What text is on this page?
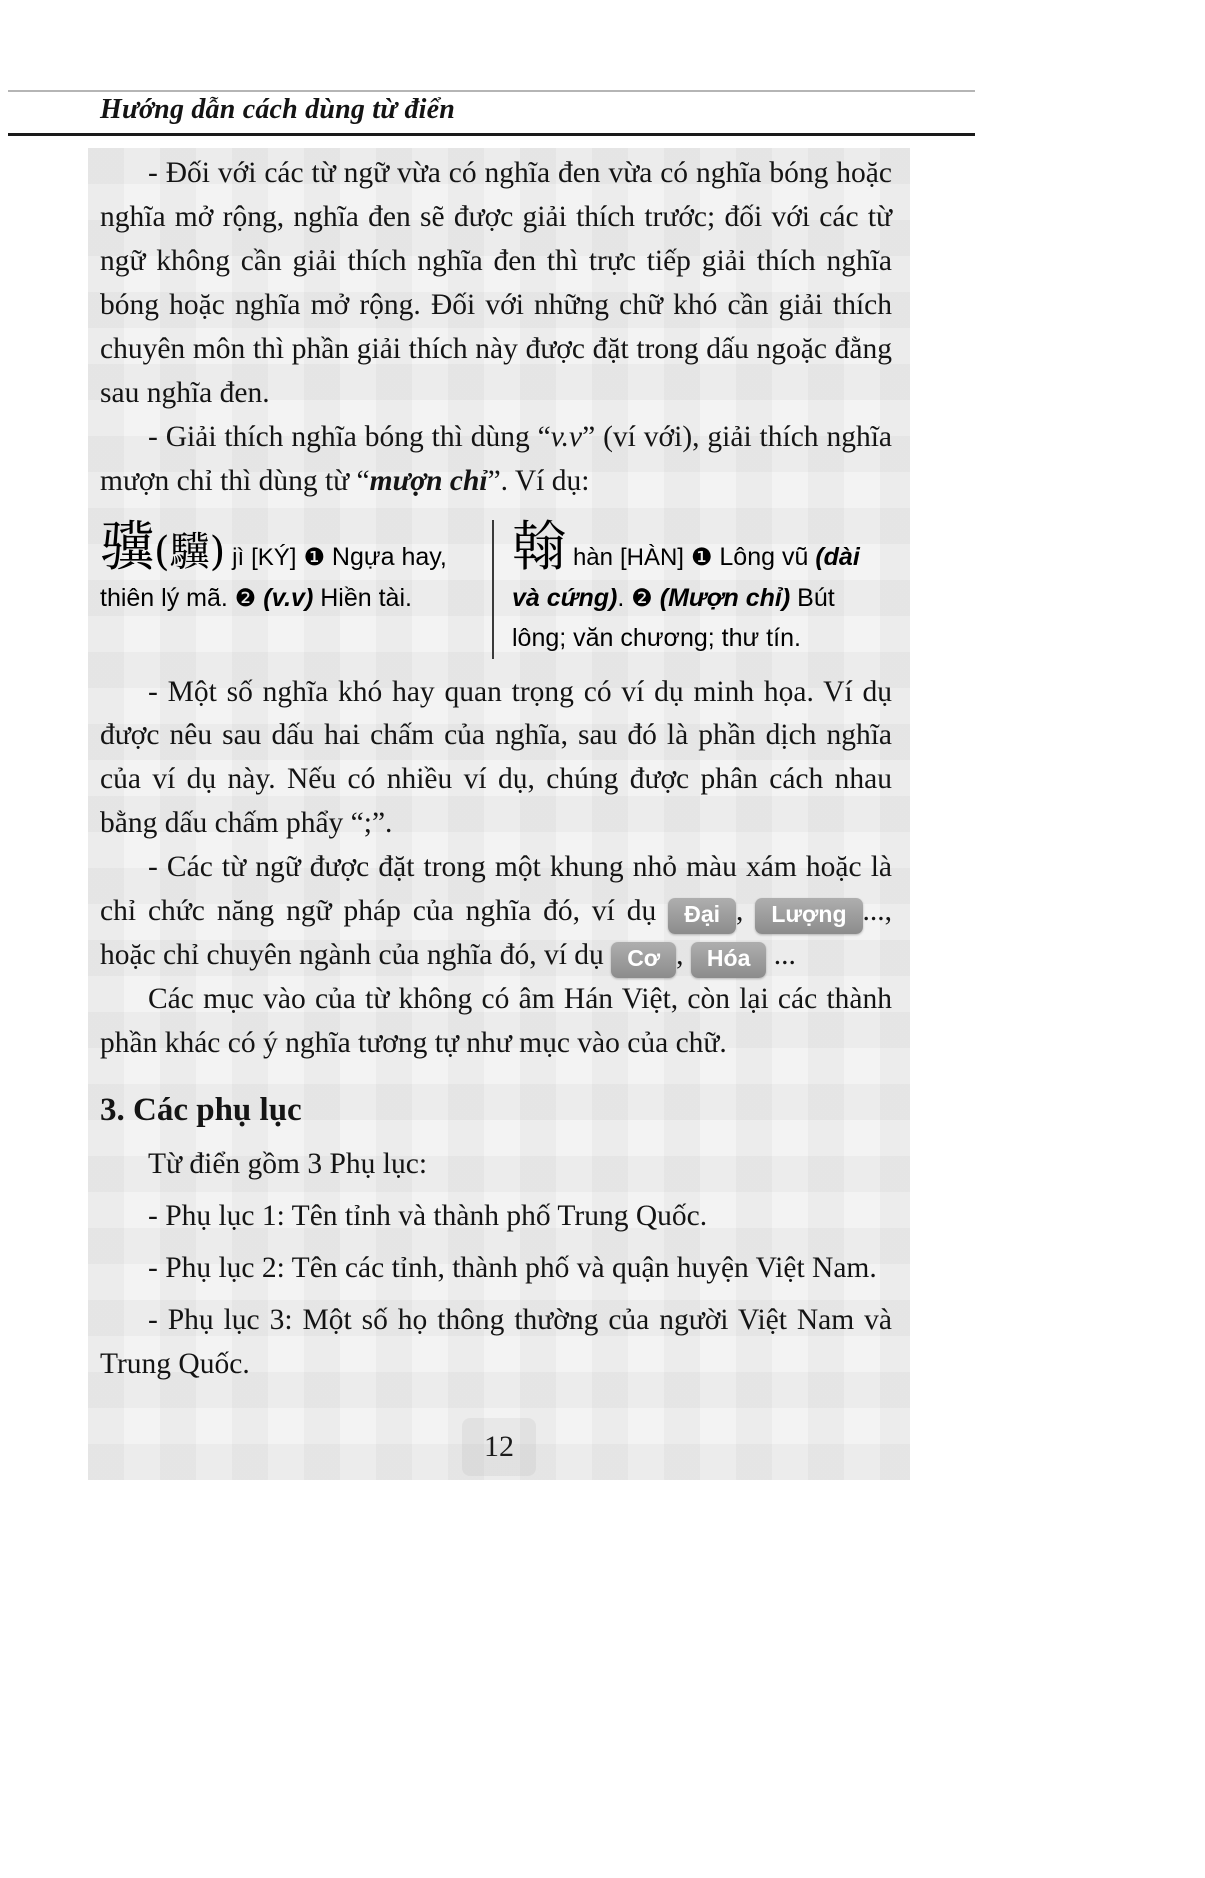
Hướng dẫn cách dùng từ điển

- Đối với các từ ngữ vừa có nghĩa đen vừa có nghĩa bóng hoặc nghĩa mở rộng, nghĩa đen sẽ được giải thích trước; đối với các từ ngữ không cần giải thích nghĩa đen thì trực tiếp giải thích nghĩa bóng hoặc nghĩa mở rộng. Đối với những chữ khó cần giải thích chuyên môn thì phần giải thích này được đặt trong dấu ngoặc đằng sau nghĩa đen.

- Giải thích nghĩa bóng thì dùng “v.v” (ví với), giải thích nghĩa mượn chỉ thì dùng từ “mượn chỉ”. Ví dụ:

骥(驥) jì [KÝ] ❶ Ngựa hay, thiên lý mã. ❷ (v.v) Hiền tài.
翰 hàn [HÀN] ❶ Lông vũ (dài và cứng). ❷ (Mượn chỉ) Bút lông; văn chương; thư tín.

- Một số nghĩa khó hay quan trọng có ví dụ minh họa. Ví dụ được nêu sau dấu hai chấm của nghĩa, sau đó là phần dịch nghĩa của ví dụ này. Nếu có nhiều ví dụ, chúng được phân cách nhau bằng dấu chấm phẩy “;”.

- Các từ ngữ được đặt trong một khung nhỏ màu xám hoặc là chỉ chức năng ngữ pháp của nghĩa đó, ví dụ Đại , Lượng ..., hoặc chỉ chuyên ngành của nghĩa đó, ví dụ Cơ , Hóa ...

Các mục vào của từ không có âm Hán Việt, còn lại các thành phần khác có ý nghĩa tương tự như mục vào của chữ.

3. Các phụ lục

Từ điển gồm 3 Phụ lục:

- Phụ lục 1: Tên tỉnh và thành phố Trung Quốc.

- Phụ lục 2: Tên các tỉnh, thành phố và quận huyện Việt Nam.

- Phụ lục 3: Một số họ thông thường của người Việt Nam và Trung Quốc.

12
